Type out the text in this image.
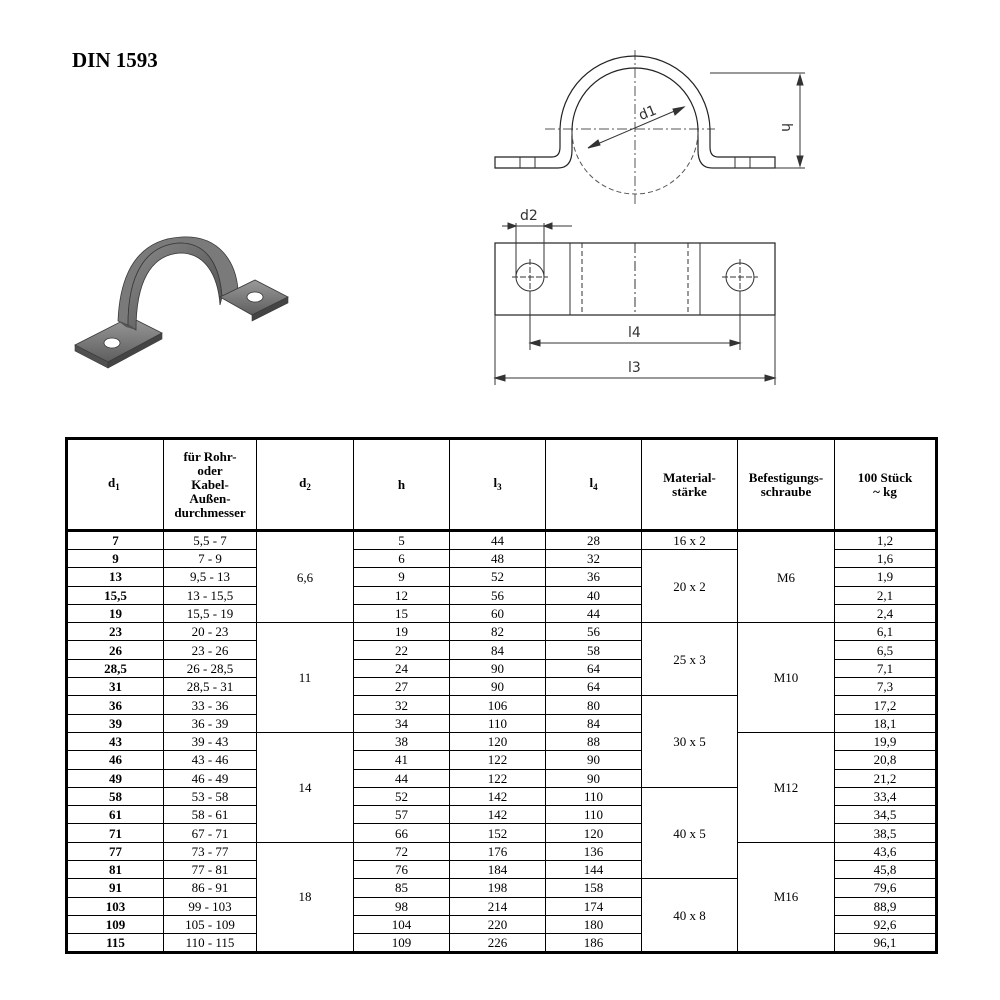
DIN 1593
d1
h
d2
l4
l3
$d_1$	für Rohr-
oder
Kabel-
Außen-
durchmesser	$d_2$	h	$l_3$	$l_4$	Material-
stärke	Befestigungs-
schraube	100 Stück
~ kg
7	5,5 - 7	6,6	5	44	28	16 x 2	M6	1,2
9	7 - 9		6	48	32	20 x 2		1,6
13	9,5 - 13		9	52	36			1,9
15,5	13 - 15,5		12	56	40			2,1
19	15,5 - 19		15	60	44			2,4
23	20 - 23	11	19	82	56	25 x 3	M10	6,1
26	23 - 26		22	84	58			6,5
28,5	26 - 28,5		24	90	64			7,1
31	28,5 - 31		27	90	64			7,3
36	33 - 36		32	106	80	30 x 5		17,2
39	36 - 39		34	110	84			18,1
43	39 - 43	14	38	120	88		M12	19,9
46	43 - 46		41	122	90			20,8
49	46 - 49		44	122	90			21,2
58	53 - 58		52	142	110	40 x 5		33,4
61	58 - 61		57	142	110			34,5
71	67 - 71		66	152	120			38,5
77	73 - 77	18	72	176	136		M16	43,6
81	77 - 81		76	184	144			45,8
91	86 - 91		85	198	158	40 x 8		79,6
103	99 - 103		98	214	174			88,9
109	105 - 109		104	220	180			92,6
115	110 - 115		109	226	186			96,1
